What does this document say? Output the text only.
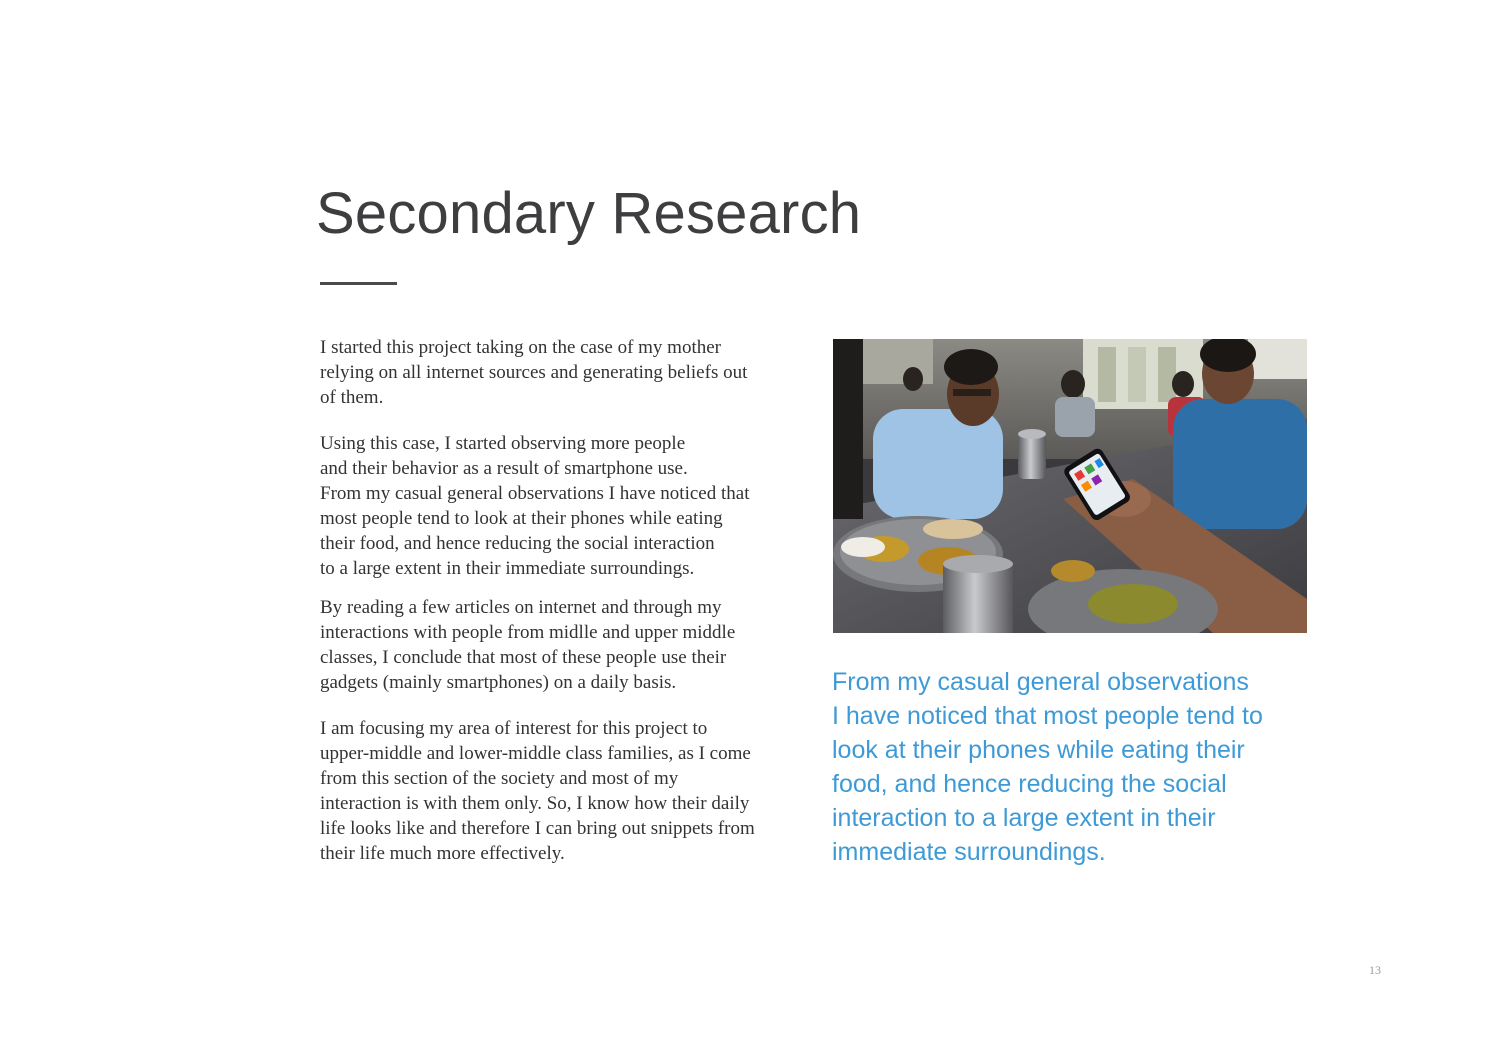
Secondary Research

I started this project taking on the case of my mother
relying on all internet sources and generating beliefs out
of them.

Using this case, I started observing more people
and their behavior as a result of smartphone use.
From my casual general observations I have noticed that
most people tend to look at their phones while eating
their food, and hence reducing the social interaction
to a large extent in their immediate surroundings.

By reading a few articles on internet and through my
interactions with people from midlle and upper middle
classes, I conclude that most of these people use their
gadgets (mainly smartphones) on a daily basis.

I am focusing my area of interest for this project to
upper-middle and lower-middle class families, as I come
from this section of the society and most of my
interaction is with them only. So, I know how their daily
life looks like and therefore I can bring out snippets from
their life much more effectively.

From my casual general observations
I have noticed that most people tend to
look at their phones while eating their
food, and hence reducing the social
interaction to a large extent in their
immediate surroundings.

13
